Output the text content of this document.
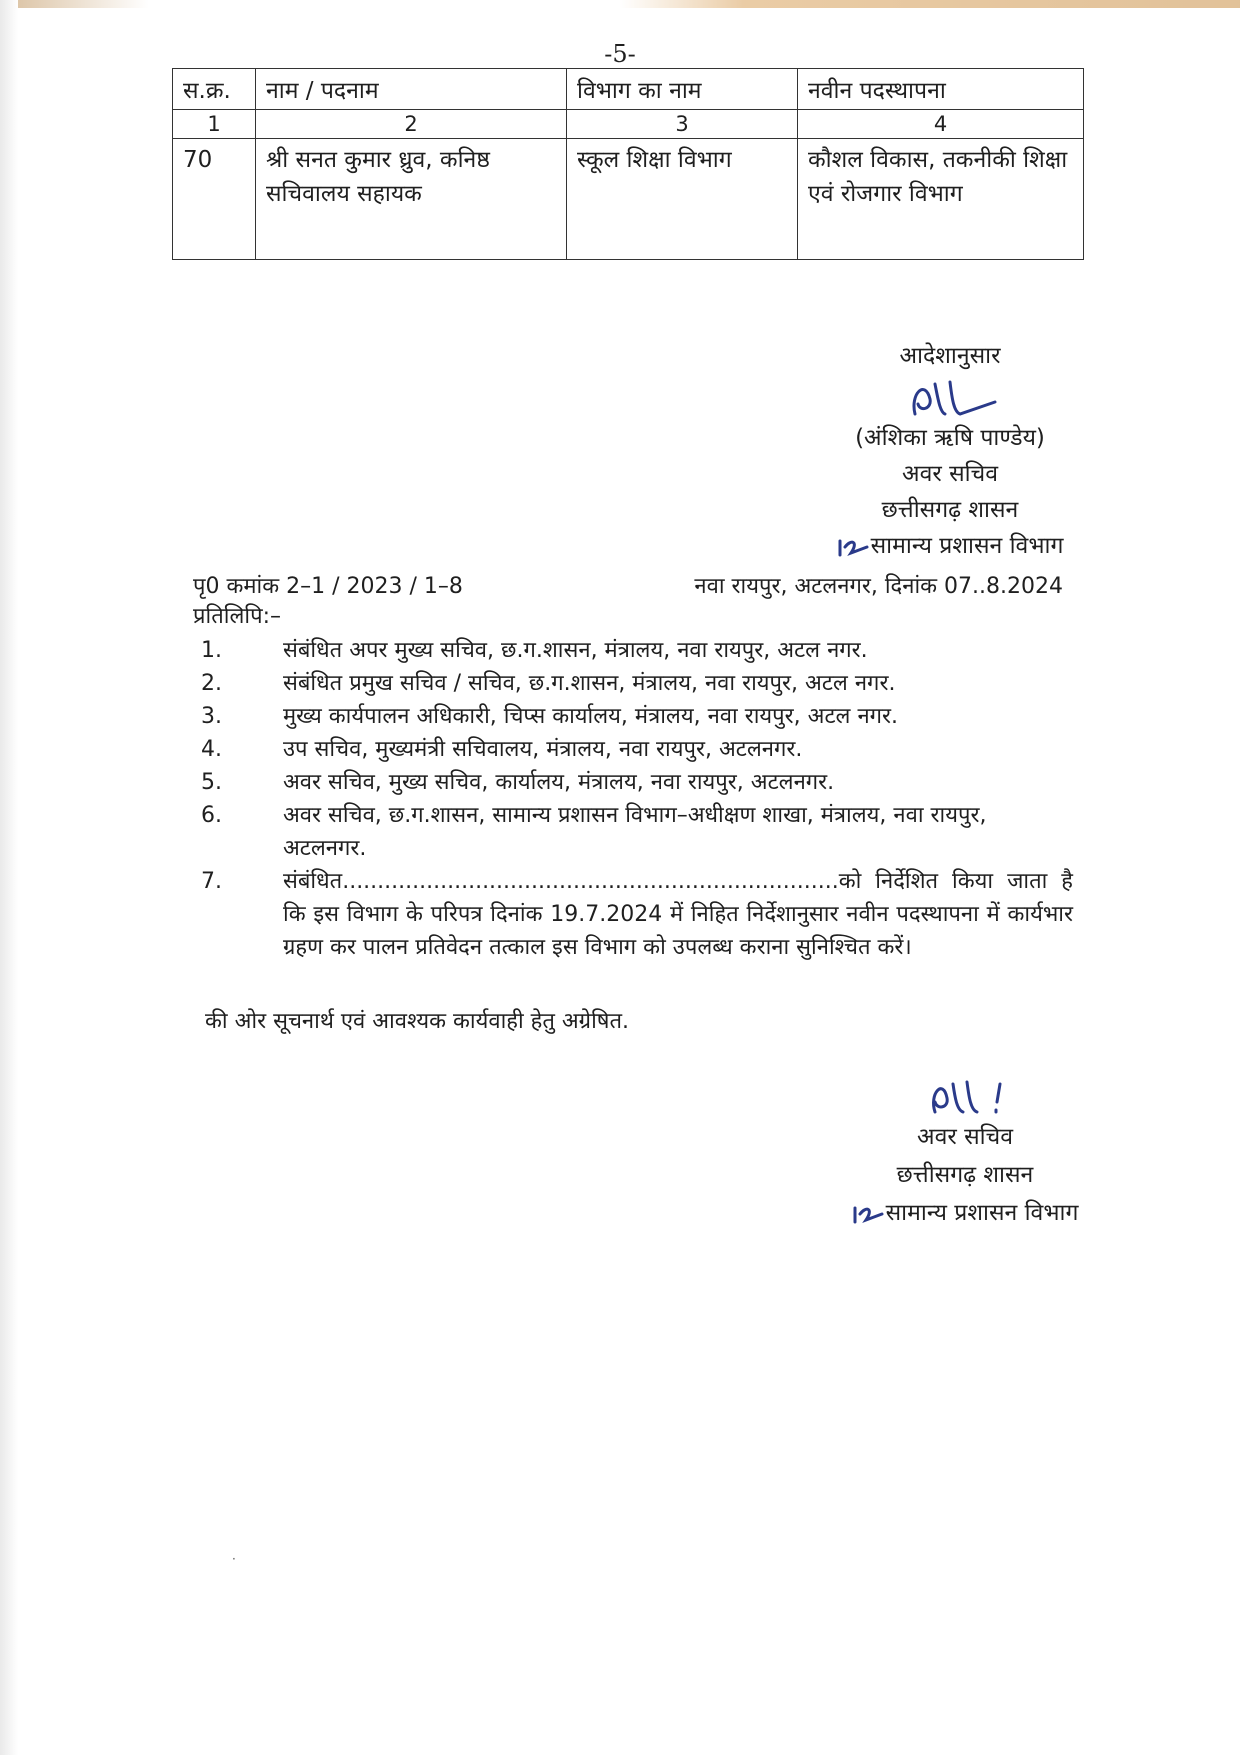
-5-
स.क्र.	नाम / पदनाम	विभाग का नाम	नवीन पदस्थापना
1	2	3	4
70	श्री सनत कुमार ध्रुव, कनिष्ठ सचिवालय सहायक	स्कूल शिक्षा विभाग	कौशल विकास, तकनीकी शिक्षा एवं रोजगार विभाग
आदेशानुसार
(अंशिका ऋषि पाण्डेय)
अवर सचिव
छत्तीसगढ़ शासन
सामान्य प्रशासन विभाग
पृ0 कमांक 2–1 / 2023 / 1–8	नवा रायपुर, अटलनगर, दिनांक 07..8.2024
प्रतिलिपि:–
1.	संबंधित अपर मुख्य सचिव, छ.ग.शासन, मंत्रालय, नवा रायपुर, अटल नगर.
2.	संबंधित प्रमुख सचिव / सचिव, छ.ग.शासन, मंत्रालय, नवा रायपुर, अटल नगर.
3.	मुख्य कार्यपालन अधिकारी, चिप्स कार्यालय, मंत्रालय, नवा रायपुर, अटल नगर.
4.	उप सचिव, मुख्यमंत्री सचिवालय, मंत्रालय, नवा रायपुर, अटलनगर.
5.	अवर सचिव, मुख्य सचिव, कार्यालय, मंत्रालय, नवा रायपुर, अटलनगर.
6.	अवर सचिव, छ.ग.शासन, सामान्य प्रशासन विभाग–अधीक्षण शाखा, मंत्रालय, नवा रायपुर, अटलनगर.
7.	संबंधित.......................................................................को निर्देशित किया जाता है कि इस विभाग के परिपत्र दिनांक 19.7.2024 में निहित निर्देशानुसार नवीन पदस्थापना में कार्यभार ग्रहण कर पालन प्रतिवेदन तत्काल इस विभाग को उपलब्ध कराना सुनिश्चित करें।
की ओर सूचनार्थ एवं आवश्यक कार्यवाही हेतु अग्रेषित.
अवर सचिव
छत्तीसगढ़ शासन
सामान्य प्रशासन विभाग
·
